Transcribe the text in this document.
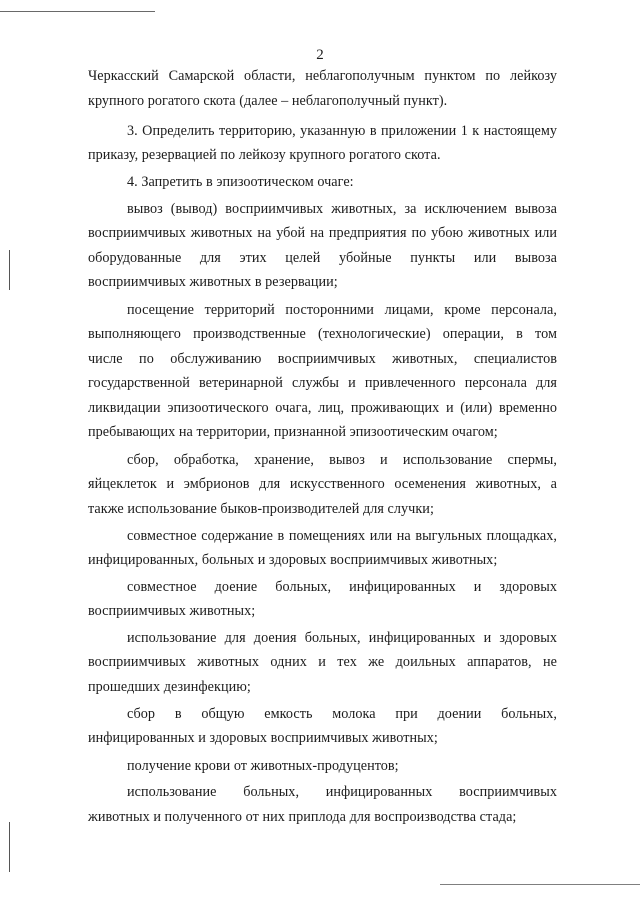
2
Черкасский Самарской области, неблагополучным пунктом по лейкозу
крупного рогатого скота (далее – неблагополучный пункт).
3. Определить территорию, указанную в приложении 1 к настоящему
приказу, резервацией по лейкозу крупного рогатого скота.
4. Запретить в эпизоотическом очаге:
вывоз (вывод) восприимчивых животных, за исключением вывоза
восприимчивых животных на убой на предприятия по убою животных или
оборудованные для этих целей убойные пункты или вывоза
восприимчивых животных в резервации;
посещение территорий посторонними лицами, кроме персонала,
выполняющего производственные (технологические) операции, в том
числе по обслуживанию восприимчивых животных, специалистов
государственной ветеринарной службы и привлеченного персонала для
ликвидации эпизоотического очага, лиц, проживающих и (или) временно
пребывающих на территории, признанной эпизоотическим очагом;
сбор, обработка, хранение, вывоз и использование спермы,
яйцеклеток и эмбрионов для искусственного осеменения животных, а
также использование быков-производителей для случки;
совместное содержание в помещениях или на выгульных площадках,
инфицированных, больных и здоровых восприимчивых животных;
совместное доение больных, инфицированных и здоровых
восприимчивых животных;
использование для доения больных, инфицированных и здоровых
восприимчивых животных одних и тех же доильных аппаратов, не
прошедших дезинфекцию;
сбор в общую емкость молока при доении больных,
инфицированных и здоровых восприимчивых животных;
получение крови от животных-продуцентов;
использование больных, инфицированных восприимчивых
животных и полученного от них приплода для воспроизводства стада;
